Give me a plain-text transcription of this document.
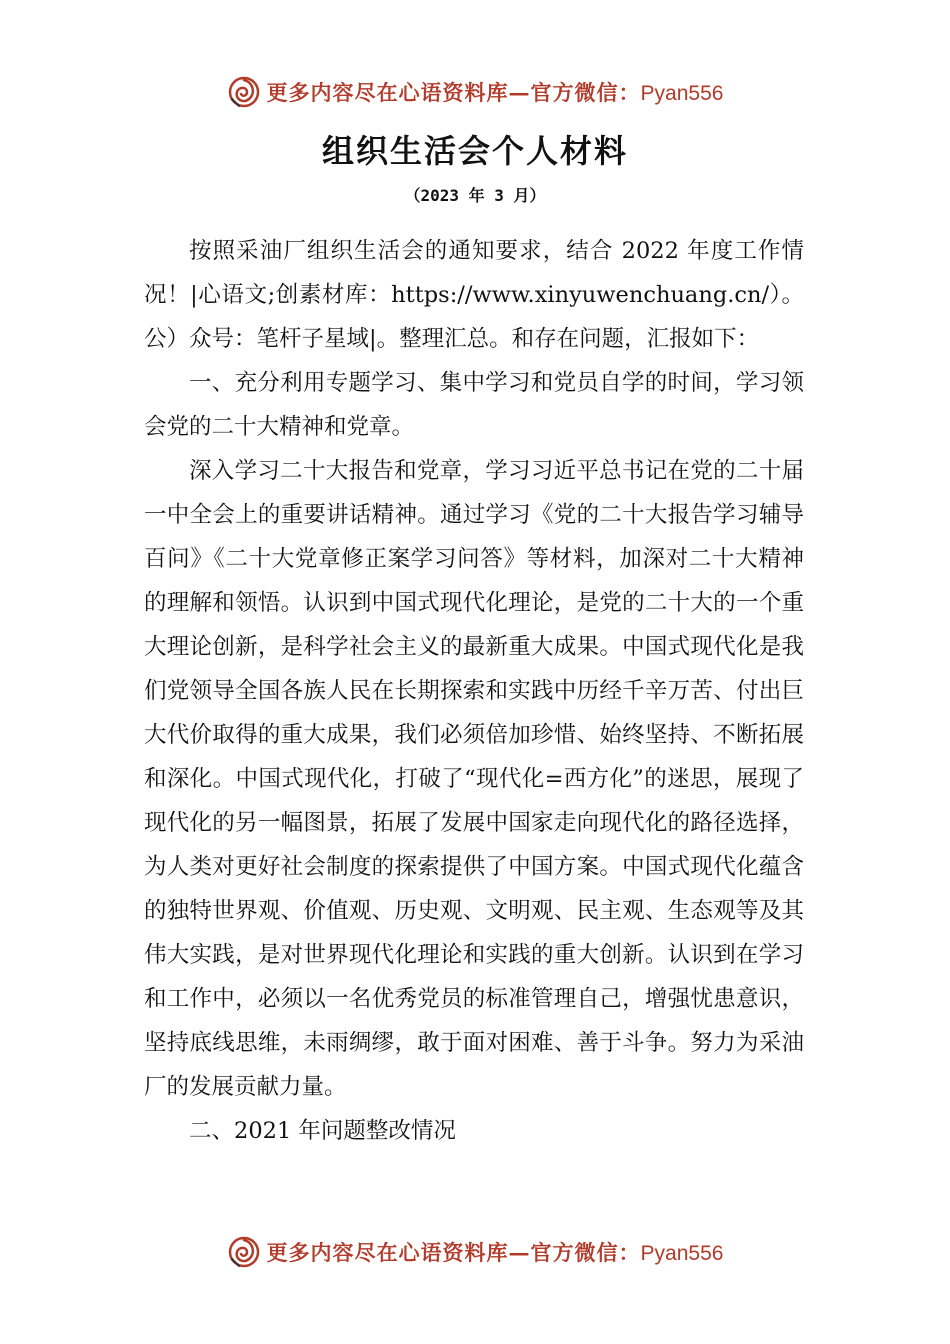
更多内容尽在心语资料库—官方微信：Pyan556
组织生活会个人材料
（2023 年 3 月）

按照采油厂组织生活会的通知要求，结合 2022 年度工作情况！|心语文;创素材库：https://www.xinyuwenchuang.cn/）。公）众号：笔杆子星域|。整理汇总。和存在问题，汇报如下：

一、充分利用专题学习、集中学习和党员自学的时间，学习领会党的二十大精神和党章。

深入学习二十大报告和党章，学习习近平总书记在党的二十届一中全会上的重要讲话精神。通过学习《党的二十大报告学习辅导百问》《二十大党章修正案学习问答》等材料，加深对二十大精神的理解和领悟。认识到中国式现代化理论，是党的二十大的一个重大理论创新，是科学社会主义的最新重大成果。中国式现代化是我们党领导全国各族人民在长期探索和实践中历经千辛万苦、付出巨大代价取得的重大成果，我们必须倍加珍惜、始终坚持、不断拓展和深化。中国式现代化，打破了“现代化=西方化”的迷思，展现了现代化的另一幅图景，拓展了发展中国家走向现代化的路径选择，为人类对更好社会制度的探索提供了中国方案。中国式现代化蕴含的独特世界观、价值观、历史观、文明观、民主观、生态观等及其伟大实践，是对世界现代化理论和实践的重大创新。认识到在学习和工作中，必须以一名优秀党员的标准管理自己，增强忧患意识，坚持底线思维，未雨绸缪，敢于面对困难、善于斗争。努力为采油厂的发展贡献力量。

二、2021 年问题整改情况

更多内容尽在心语资料库—官方微信：Pyan556
